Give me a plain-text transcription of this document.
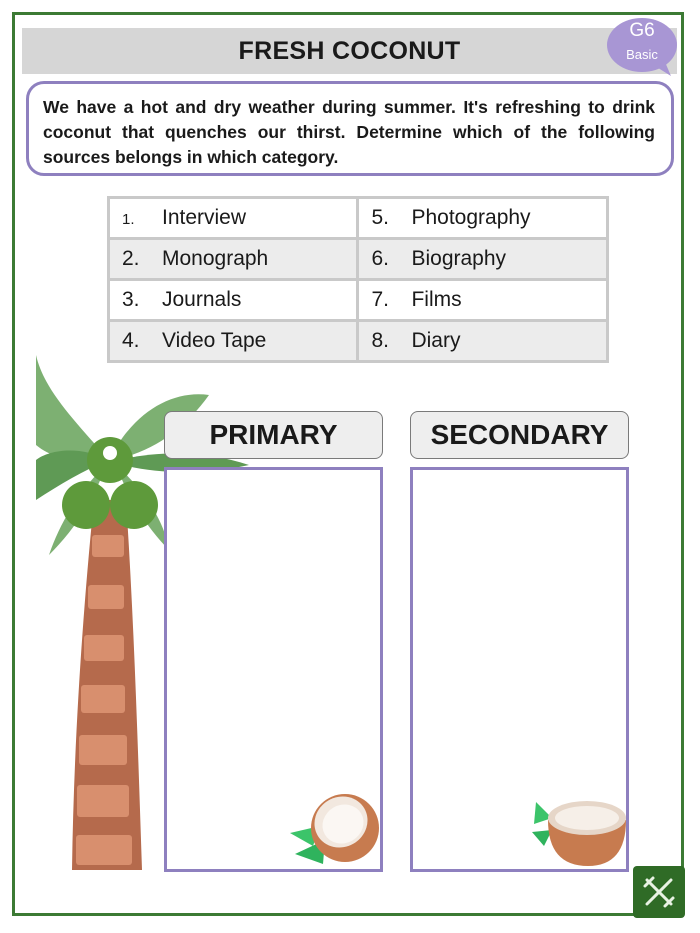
FRESH COCONUT
G6
Basic
We have a hot and dry weather during summer. It's refreshing to drink coconut that quenches our thirst. Determine which of the following sources belongs in which category.
1. Interview	5. Photography
2. Monograph	6. Biography
3. Journals	7. Films
4. Video Tape	8. Diary
PRIMARY	SECONDARY
